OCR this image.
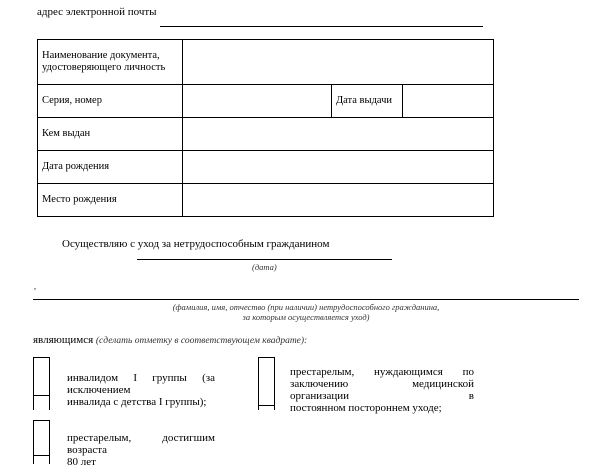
адрес электронной почты
Наименование документа, удостоверяющего личность			
Серия, номер		Дата выдачи	
Кем выдан			
Дата рождения			
Место рождения			
Осуществляю с уход за нетрудоспособным гражданином
(дата)
,
(фамилия, имя, отчество (при наличии) нетрудоспособного гражданина,
за которым осуществляется уход)
являющимся (сделать отметку в соответствующем квадрате):
инвалидом I группы (за исключением
инвалида с детства I группы);
престарелым, нуждающимся по
заключению медицинской организации в
постоянном постороннем уходе;
престарелым, достигшим возраста
80 лет
